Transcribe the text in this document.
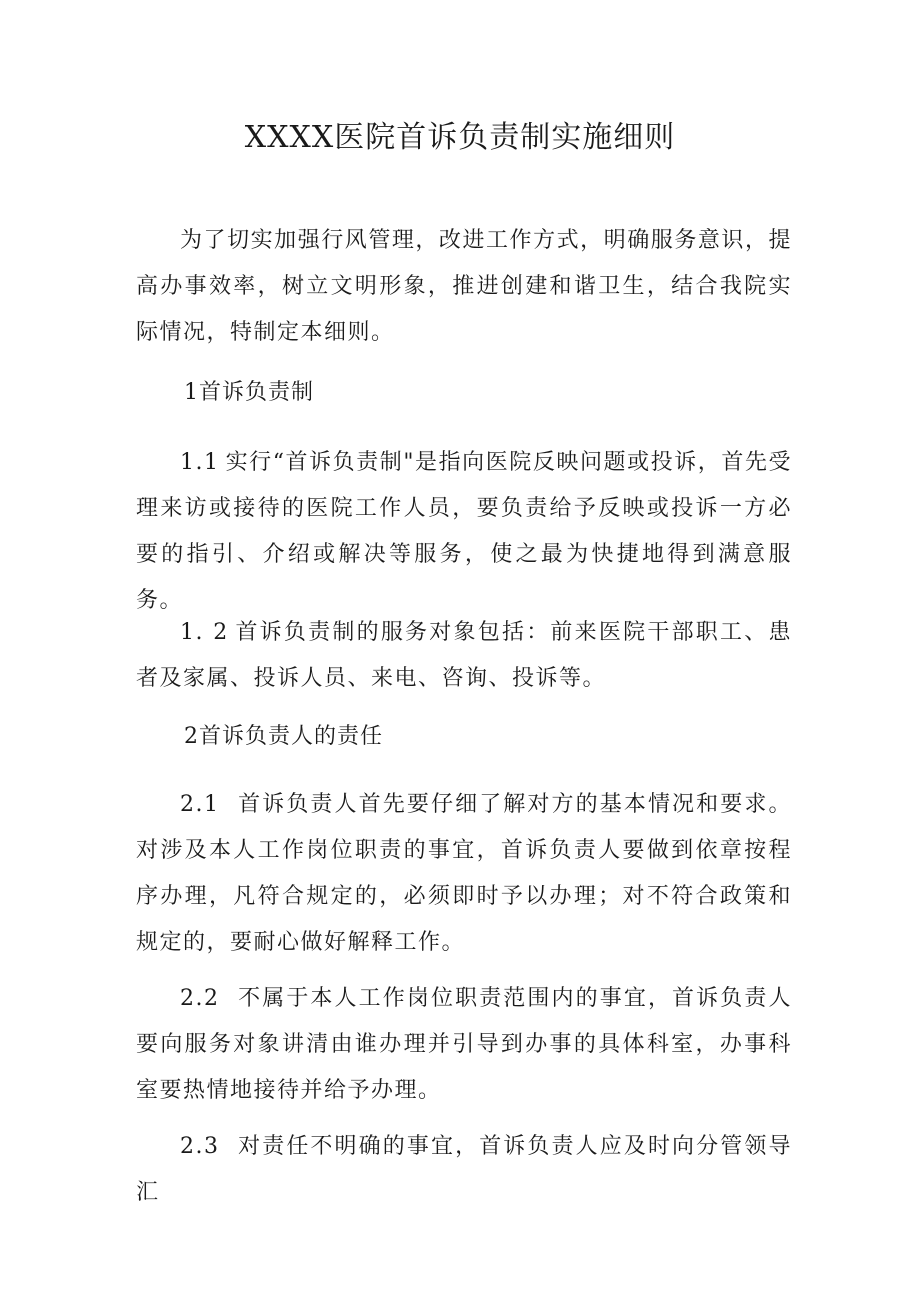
XXXX医院首诉负责制实施细则

为了切实加强行风管理，改进工作方式，明确服务意识，提高办事效率，树立文明形象，推进创建和谐卫生，结合我院实际情况，特制定本细则。

1首诉负责制

1.1 实行“首诉负责制"是指向医院反映问题或投诉，首先受理来访或接待的医院工作人员，要负责给予反映或投诉一方必要的指引、介绍或解决等服务，使之最为快捷地得到满意服务。

1. 2 首诉负责制的服务对象包括：前来医院干部职工、患者及家属、投诉人员、来电、咨询、投诉等。

2首诉负责人的责任

2.1 首诉负责人首先要仔细了解对方的基本情况和要求。对涉及本人工作岗位职责的事宜，首诉负责人要做到依章按程序办理，凡符合规定的，必须即时予以办理；对不符合政策和规定的，要耐心做好解释工作。

2.2 不属于本人工作岗位职责范围内的事宜，首诉负责人要向服务对象讲清由谁办理并引导到办事的具体科室，办事科室要热情地接待并给予办理。

2.3 对责任不明确的事宜，首诉负责人应及时向分管领导汇
